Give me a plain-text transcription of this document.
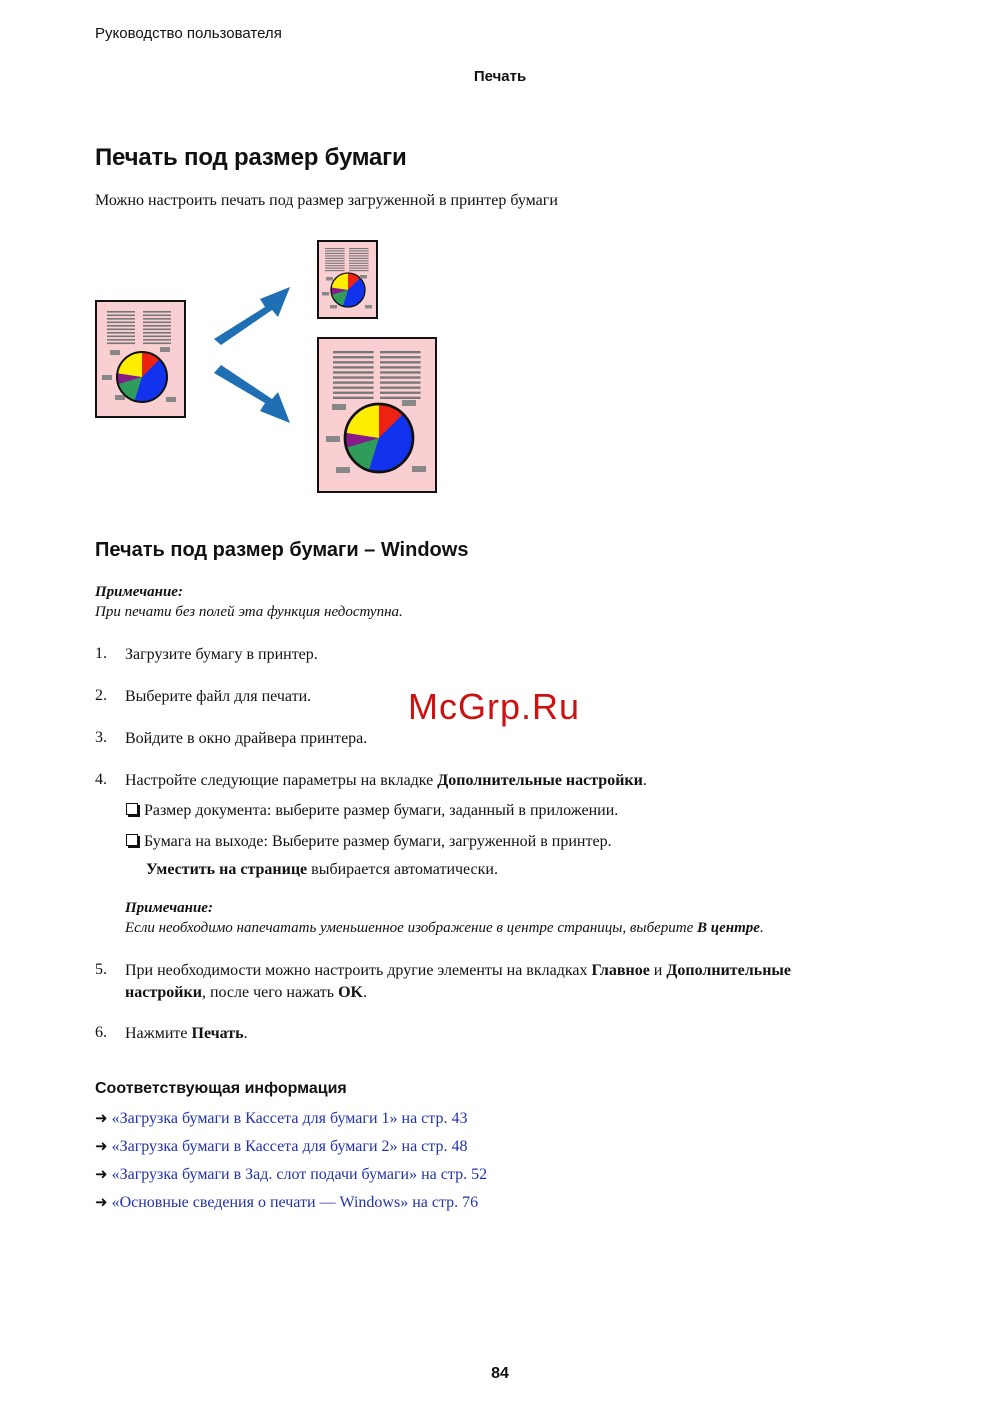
Руководство пользователя
Печать
Печать под размер бумаги
Можно настроить печать под размер загруженной в принтер бумаги
Печать под размер бумаги – Windows
Примечание:
При печати без полей эта функция недоступна.
1. Загрузите бумагу в принтер.
2. Выберите файл для печати.
3. Войдите в окно драйвера принтера.
4. Настройте следующие параметры на вкладке Дополнительные настройки.
Размер документа: выберите размер бумаги, заданный в приложении.
Бумага на выходе: Выберите размер бумаги, загруженной в принтер.
Уместить на странице выбирается автоматически.
Примечание:
Если необходимо напечатать уменьшенное изображение в центре страницы, выберите В центре.
5. При необходимости можно настроить другие элементы на вкладках Главное и Дополнительные
настройки, после чего нажать OK.
6. Нажмите Печать.
Соответствующая информация
➜ «Загрузка бумаги в Кассета для бумаги 1» на стр. 43
➜ «Загрузка бумаги в Кассета для бумаги 2» на стр. 48
➜ «Загрузка бумаги в Зад. слот подачи бумаги» на стр. 52
➜ «Основные сведения о печати — Windows» на стр. 76
McGrp.Ru
84
